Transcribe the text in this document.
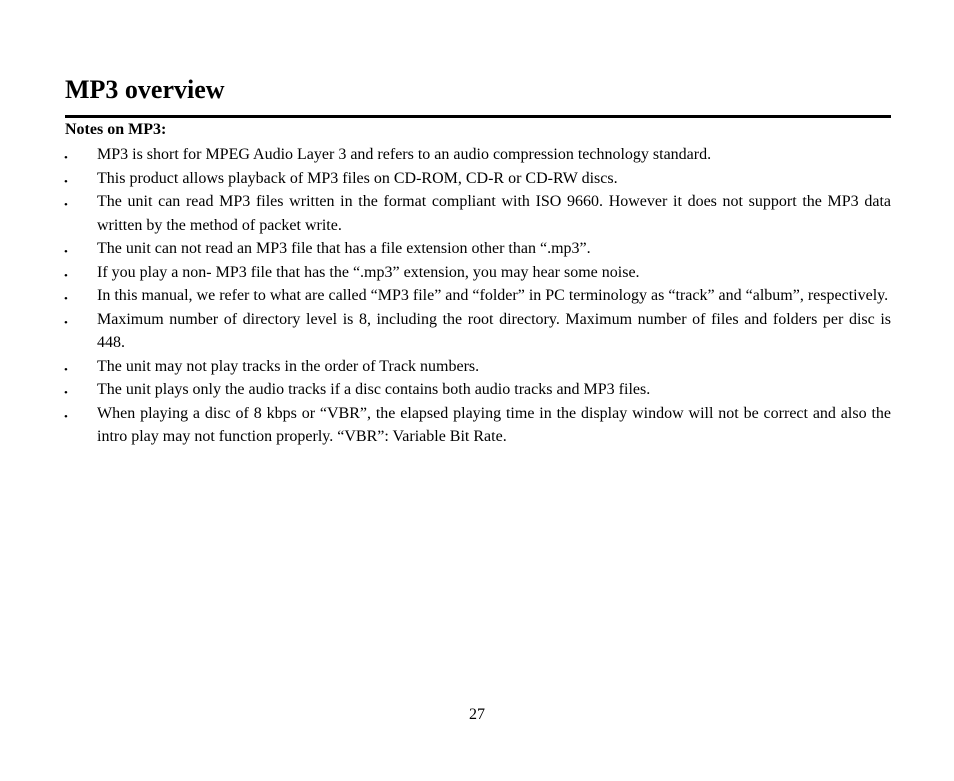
MP3 overview
Notes on MP3:
• MP3 is short for MPEG Audio Layer 3 and refers to an audio compression technology standard.
• This product allows playback of MP3 files on CD-ROM, CD-R or CD-RW discs.
• The unit can read MP3 files written in the format compliant with ISO 9660. However it does not support the MP3 data written by the method of packet write.
• The unit can not read an MP3 file that has a file extension other than “.mp3”.
• If you play a non- MP3 file that has the “.mp3” extension, you may hear some noise.
• In this manual, we refer to what are called “MP3 file” and “folder” in PC terminology as “track” and “album”, respectively.
• Maximum number of directory level is 8, including the root directory. Maximum number of files and folders per disc is 448.
• The unit may not play tracks in the order of Track numbers.
• The unit plays only the audio tracks if a disc contains both audio tracks and MP3 files.
• When playing a disc of 8 kbps or “VBR”, the elapsed playing time in the display window will not be correct and also the intro play may not function properly. “VBR”: Variable Bit Rate.
27
